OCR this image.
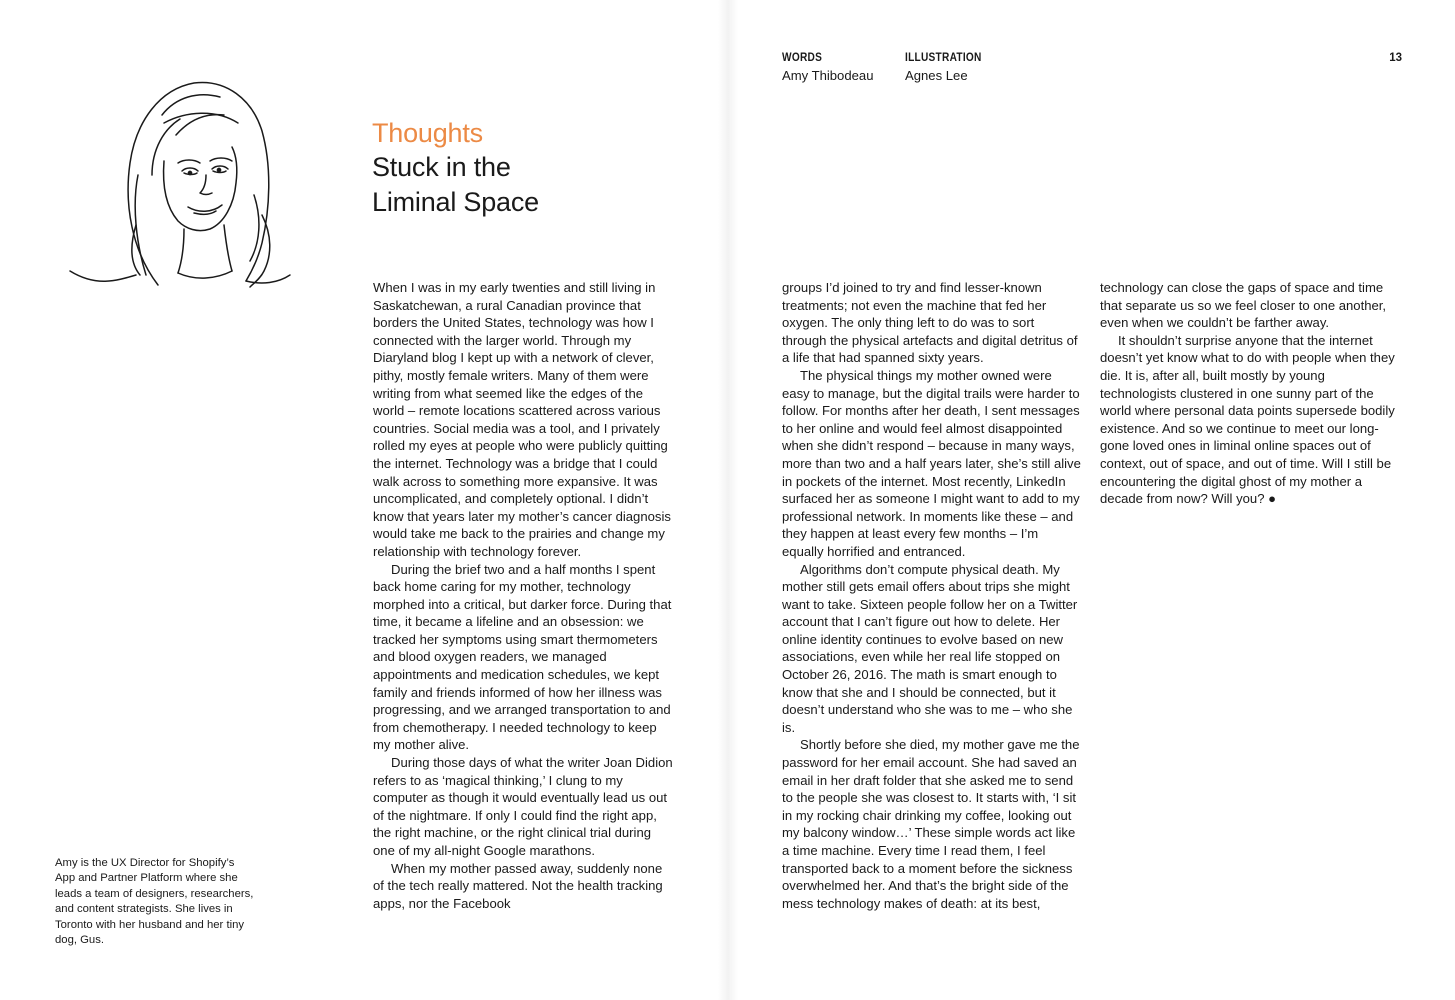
Thoughts
Stuck in the
Liminal Space
Amy is the UX Director for Shopify’s App and Partner Platform where she leads a team of designers, researchers, and content strategists. She lives in Toronto with her husband and her tiny dog, Gus.

When I was in my early twenties and still living in Saskatchewan, a rural Canadian province that borders the United States, technology was how I connected with the larger world. Through my Diaryland blog I kept up with a network of clever, pithy, mostly female writers. Many of them were writing from what seemed like the edges of the world – remote locations scattered across various countries. Social media was a tool, and I privately rolled my eyes at people who were publicly quitting the internet. Technology was a bridge that I could walk across to something more expansive. It was uncomplicated, and completely optional. I didn’t know that years later my mother’s cancer diagnosis would take me back to the prairies and change my relationship with technology forever.

During the brief two and a half months I spent back home caring for my mother, technology morphed into a critical, but darker force. During that time, it became a lifeline and an obsession: we tracked her symptoms using smart thermometers and blood oxygen readers, we managed appointments and medication schedules, we kept family and friends informed of how her illness was progressing, and we arranged transportation to and from chemotherapy. I needed technology to keep my mother alive.

During those days of what the writer Joan Didion refers to as ‘magical thinking,’ I clung to my computer as though it would eventually lead us out of the nightmare. If only I could find the right app, the right machine, or the right clinical trial during one of my all-night Google marathons.

When my mother passed away, suddenly none of the tech really mattered. Not the health tracking apps, nor the Facebook

WORDS
Amy Thibodeau
ILLUSTRATION
Agnes Lee
13

groups I’d joined to try and find lesser-known treatments; not even the machine that fed her oxygen. The only thing left to do was to sort through the physical artefacts and digital detritus of a life that had spanned sixty years.

The physical things my mother owned were easy to manage, but the digital trails were harder to follow. For months after her death, I sent messages to her online and would feel almost disappointed when she didn’t respond – because in many ways, more than two and a half years later, she’s still alive in pockets of the internet. Most recently, LinkedIn surfaced her as someone I might want to add to my professional network. In moments like these – and they happen at least every few months – I’m equally horrified and entranced.

Algorithms don’t compute physical death. My mother still gets email offers about trips she might want to take. Sixteen people follow her on a Twitter account that I can’t figure out how to delete. Her online identity continues to evolve based on new associations, even while her real life stopped on October 26, 2016. The math is smart enough to know that she and I should be connected, but it doesn’t understand who she was to me – who she is.

Shortly before she died, my mother gave me the password for her email account. She had saved an email in her draft folder that she asked me to send to the people she was closest to. It starts with, ‘I sit in my rocking chair drinking my coffee, looking out my balcony window…’ These simple words act like a time machine. Every time I read them, I feel transported back to a moment before the sickness overwhelmed her. And that’s the bright side of the mess technology makes of death: at its best,

technology can close the gaps of space and time that separate us so we feel closer to one another, even when we couldn’t be farther away.

It shouldn’t surprise anyone that the internet doesn’t yet know what to do with people when they die. It is, after all, built mostly by young technologists clustered in one sunny part of the world where personal data points supersede bodily existence. And so we continue to meet our long-gone loved ones in liminal online spaces out of context, out of space, and out of time. Will I still be encountering the digital ghost of my mother a decade from now? Will you? ●
